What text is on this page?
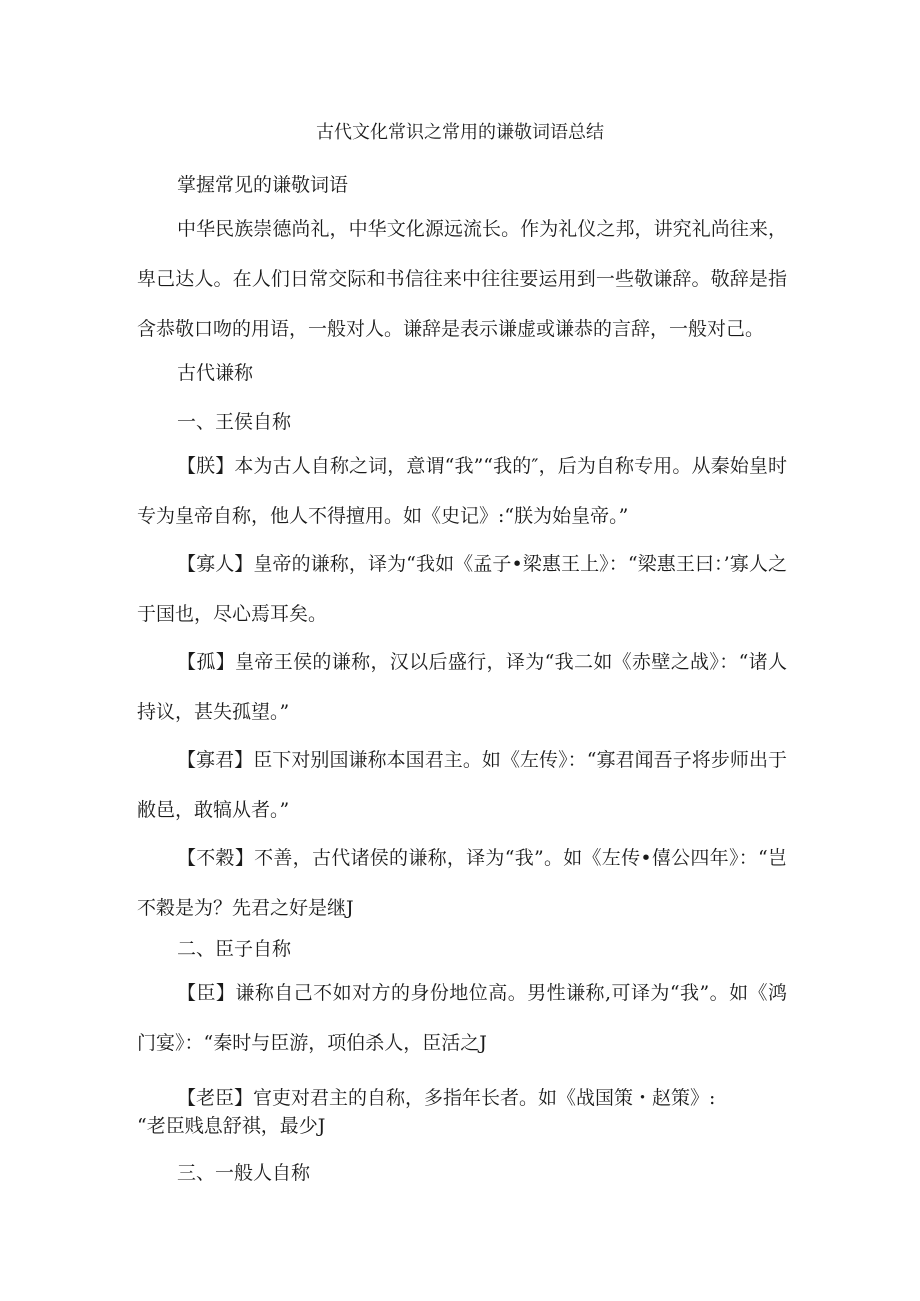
古代文化常识之常用的谦敬词语总结
掌握常见的谦敬词语
中华民族崇德尚礼，中华文化源远流长。作为礼仪之邦，讲究礼尚往来，卑己达人。在人们日常交际和书信往来中往往要运用到一些敬谦辞。敬辞是指含恭敬口吻的用语，一般对人。谦辞是表示谦虚或谦恭的言辞，一般对己。
古代谦称
一、王侯自称
【朕】本为古人自称之词，意谓“我”“我的″，后为自称专用。从秦始皇时专为皇帝自称，他人不得擅用。如《史记》:“朕为始皇帝。”
【寡人】皇帝的谦称，译为“我如《孟子•梁惠王上》：“梁惠王曰：’寡人之于国也，尽心焉耳矣。
【孤】皇帝王侯的谦称，汉以后盛行，译为“我二如《赤壁之战》：“诸人持议，甚失孤望。”
【寡君】臣下对别国谦称本国君主。如《左传》：“寡君闻吾子将步师出于敝邑，敢犒从者。”
【不穀】不善，古代诸侯的谦称，译为“我”。如《左传•僖公四年》：“岂不穀是为？先君之好是继J
二、臣子自称
【臣】谦称自己不如对方的身份地位高。男性谦称,可译为“我”。如《鸿门宴》：“秦时与臣游，项伯杀人，臣活之J
【老臣】官吏对君主的自称，多指年长者。如《战国策・赵策》:
“老臣贱息舒祺，最少J
三、一般人自称
